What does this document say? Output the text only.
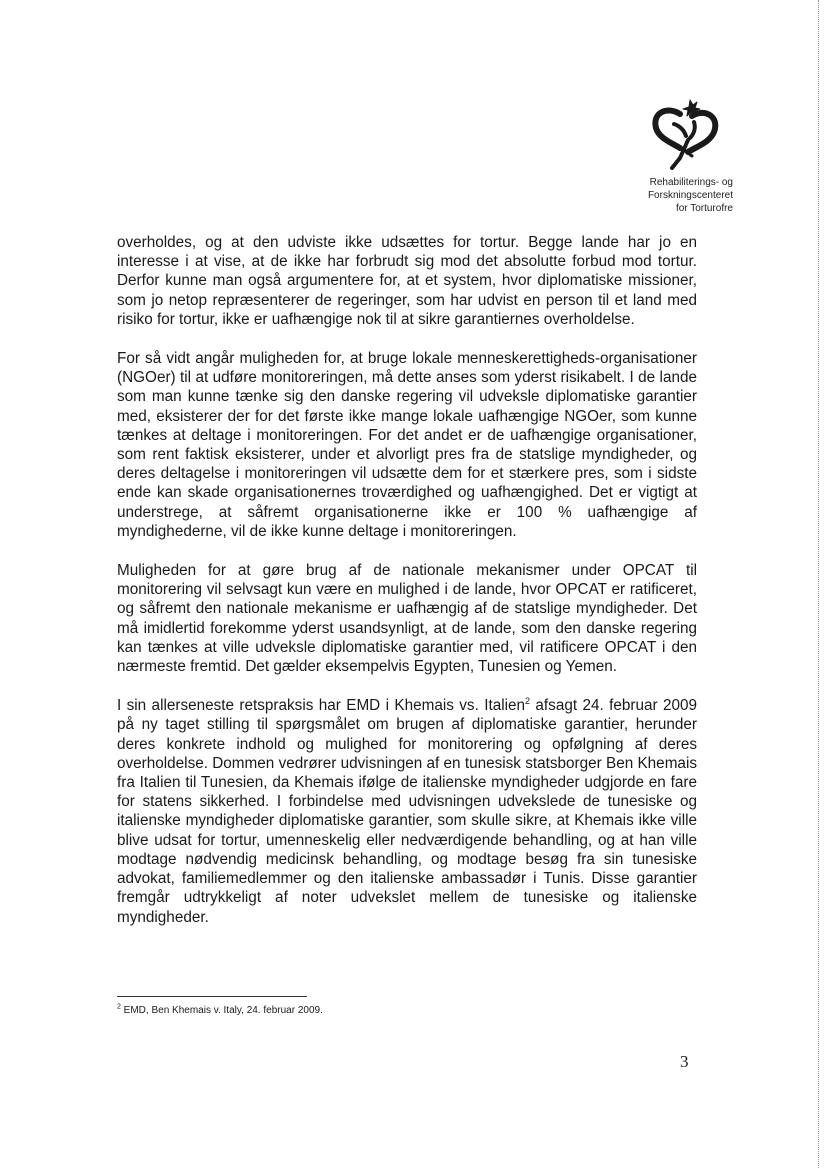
Rehabiliterings- og
Forskningscenteret
for Torturofre

overholdes, og at den udviste ikke udsættes for tortur. Begge lande har jo en interesse i at vise, at de ikke har forbrudt sig mod det absolutte forbud mod tortur. Derfor kunne man også argumentere for, at et system, hvor diplomatiske missioner, som jo netop repræsenterer de regeringer, som har udvist en person til et land med risiko for tortur, ikke er uafhængige nok til at sikre garantiernes overholdelse.

For så vidt angår muligheden for, at bruge lokale menneskerettigheds-organisationer (NGOer) til at udføre monitoreringen, må dette anses som yderst risikabelt. I de lande som man kunne tænke sig den danske regering vil udveksle diplomatiske garantier med, eksisterer der for det første ikke mange lokale uafhængige NGOer, som kunne tænkes at deltage i monitoreringen. For det andet er de uafhængige organisationer, som rent faktisk eksisterer, under et alvorligt pres fra de statslige myndigheder, og deres deltagelse i monitoreringen vil udsætte dem for et stærkere pres, som i sidste ende kan skade organisationernes troværdighed og uafhængighed. Det er vigtigt at understrege, at såfremt organisationerne ikke er 100 % uafhængige af myndighederne, vil de ikke kunne deltage i monitoreringen.

Muligheden for at gøre brug af de nationale mekanismer under OPCAT til monitorering vil selvsagt kun være en mulighed i de lande, hvor OPCAT er ratificeret, og såfremt den nationale mekanisme er uafhængig af de statslige myndigheder. Det må imidlertid forekomme yderst usandsynligt, at de lande, som den danske regering kan tænkes at ville udveksle diplomatiske garantier med, vil ratificere OPCAT i den nærmeste fremtid. Det gælder eksempelvis Egypten, Tunesien og Yemen.

I sin allerseneste retspraksis har EMD i Khemais vs. Italien$^2$ afsagt 24. februar 2009 på ny taget stilling til spørgsmålet om brugen af diplomatiske garantier, herunder deres konkrete indhold og mulighed for monitorering og opfølgning af deres overholdelse. Dommen vedrører udvisningen af en tunesisk statsborger Ben Khemais fra Italien til Tunesien, da Khemais ifølge de italienske myndigheder udgjorde en fare for statens sikkerhed. I forbindelse med udvisningen udvekslede de tunesiske og italienske myndigheder diplomatiske garantier, som skulle sikre, at Khemais ikke ville blive udsat for tortur, umenneskelig eller nedværdigende behandling, og at han ville modtage nødvendig medicinsk behandling, og modtage besøg fra sin tunesiske advokat, familiemedlemmer og den italienske ambassadør i Tunis. Disse garantier fremgår udtrykkeligt af noter udvekslet mellem de tunesiske og italienske myndigheder.

$^2$ EMD, Ben Khemais v. Italy, 24. februar 2009.
3
